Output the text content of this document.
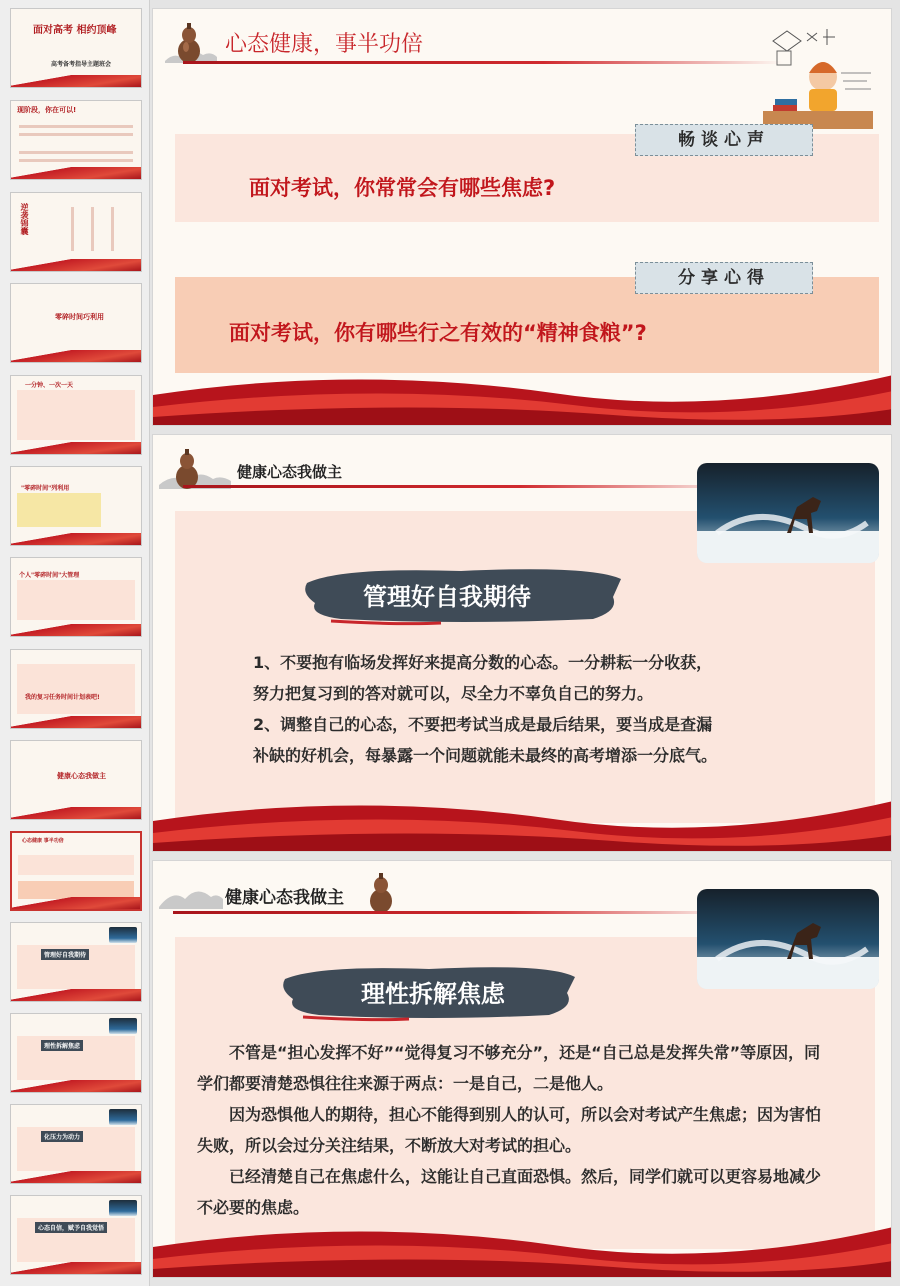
面对高考 相约顶峰
高考备考指导主题班会
现阶段，你在可以!
逆袭锦囊
零碎时间巧利用
一分钟、一次一天
"零碎时间"列利用
个人"零碎时间"大管理
我的复习任务时间计划表吧!
健康心态我做主
心态健康 事半功倍
管理好自我期待
理性拆解焦虑
化压力为动力
心态自信，赋予自我觉悟
心态健康，事半功倍
畅谈心声
面对考试，你常常会有哪些焦虑?
分享心得
面对考试，你有哪些行之有效的“精神食粮”?
健康心态我做主
管理好自我期待

1、不要抱有临场发挥好来提高分数的心态。一分耕耘一分收获，

努力把复习到的答对就可以，尽全力不辜负自己的努力。

2、调整自己的心态，不要把考试当成是最后结果，要当成是查漏

补缺的好机会，每暴露一个问题就能未最终的高考增添一分底气。

健康心态我做主
理性拆解焦虑

不管是“担心发挥不好”“觉得复习不够充分”，还是“自己总是发挥失常”等原因，同学们都要清楚恐惧往往来源于两点：一是自己，二是他人。

因为恐惧他人的期待，担心不能得到别人的认可，所以会对考试产生焦虑；因为害怕失败，所以会过分关注结果，不断放大对考试的担心。

已经清楚自己在焦虑什么，这能让自己直面恐惧。然后，同学们就可以更容易地减少不必要的焦虑。
